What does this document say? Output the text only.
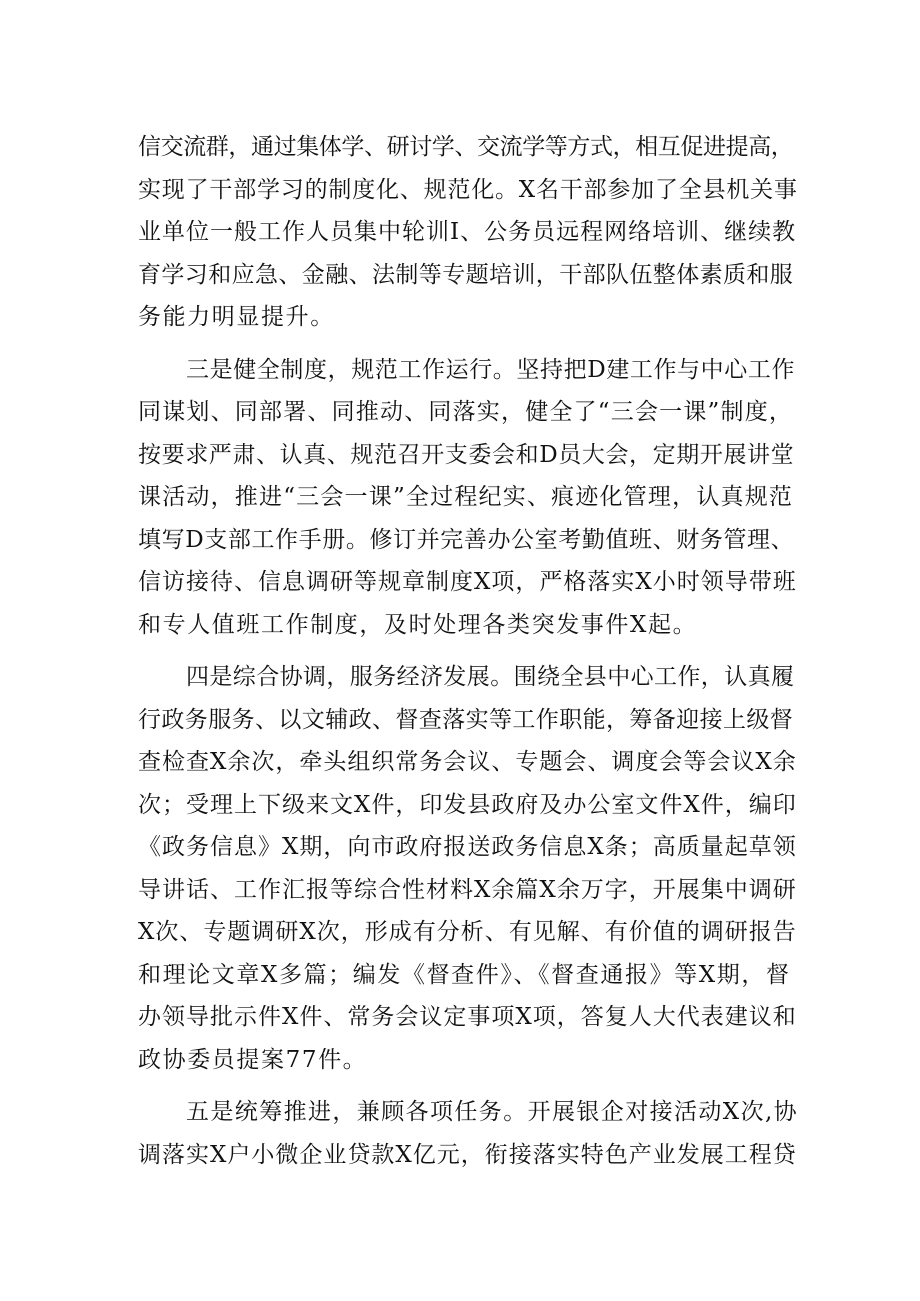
信交流群，通过集体学、研讨学、交流学等方式，相互促进提高，
实现了干部学习的制度化、规范化。X名干部参加了全县机关事
业单位一般工作人员集中轮训I、公务员远程网络培训、继续教
育学习和应急、金融、法制等专题培训，干部队伍整体素质和服
务能力明显提升。
三是健全制度，规范工作运行。坚持把D建工作与中心工作
同谋划、同部署、同推动、同落实，健全了“三会一课”制度，
按要求严肃、认真、规范召开支委会和D员大会，定期开展讲堂
课活动，推进“三会一课”全过程纪实、痕迹化管理，认真规范
填写D支部工作手册。修订并完善办公室考勤值班、财务管理、
信访接待、信息调研等规章制度X项，严格落实X小时领导带班
和专人值班工作制度，及时处理各类突发事件X起。
四是综合协调，服务经济发展。围绕全县中心工作，认真履
行政务服务、以文辅政、督查落实等工作职能，筹备迎接上级督
查检查X余次，牵头组织常务会议、专题会、调度会等会议X余
次；受理上下级来文X件，印发县政府及办公室文件X件，编印
《政务信息》X期，向市政府报送政务信息X条；高质量起草领
导讲话、工作汇报等综合性材料X余篇X余万字，开展集中调研
X次、专题调研X次，形成有分析、有见解、有价值的调研报告
和理论文章X多篇；编发《督查件》、《督查通报》等X期，督
办领导批示件X件、常务会议定事项X项，答复人大代表建议和
政协委员提案77件。
五是统筹推进，兼顾各项任务。开展银企对接活动X次,协
调落实X户小微企业贷款X亿元，衔接落实特色产业发展工程贷
